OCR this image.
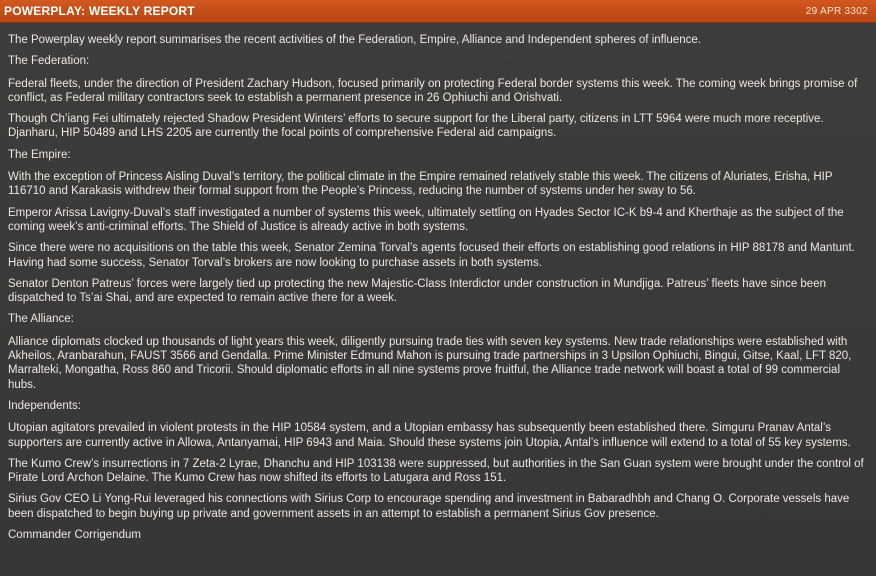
POWERPLAY: WEEKLY REPORT	29 APR 3302

The Powerplay weekly report summarises the recent activities of the Federation, Empire, Alliance and Independent spheres of influence.

The Federation:

Federal fleets, under the direction of President Zachary Hudson, focused primarily on protecting Federal border systems this week. The coming week brings promise of conflict, as Federal military contractors seek to establish a permanent presence in 26 Ophiuchi and Orishvati.

Though Ch’iang Fei ultimately rejected Shadow President Winters’ efforts to secure support for the Liberal party, citizens in LTT 5964 were much more receptive. Djanharu, HIP 50489 and LHS 2205 are currently the focal points of comprehensive Federal aid campaigns.

The Empire:

With the exception of Princess Aisling Duval’s territory, the political climate in the Empire remained relatively stable this week. The citizens of Aluriates, Erisha, HIP 116710 and Karakasis withdrew their formal support from the People’s Princess, reducing the number of systems under her sway to 56.

Emperor Arissa Lavigny-Duval’s staff investigated a number of systems this week, ultimately settling on Hyades Sector IC-K b9-4 and Kherthaje as the subject of the coming week’s anti-criminal efforts. The Shield of Justice is already active in both systems.

Since there were no acquisitions on the table this week, Senator Zemina Torval’s agents focused their efforts on establishing good relations in HIP 88178 and Mantunt. Having had some success, Senator Torval’s brokers are now looking to purchase assets in both systems.

Senator Denton Patreus’ forces were largely tied up protecting the new Majestic-Class Interdictor under construction in Mundjiga. Patreus’ fleets have since been dispatched to Ts’ai Shai, and are expected to remain active there for a week.

The Alliance:

Alliance diplomats clocked up thousands of light years this week, diligently pursuing trade ties with seven key systems. New trade relationships were established with Akheilos, Aranbarahun, FAUST 3566 and Gendalla. Prime Minister Edmund Mahon is pursuing trade partnerships in 3 Upsilon Ophiuchi, Bingui, Gitse, Kaal, LFT 820, Marralteki, Mongatha, Ross 860 and Tricorii. Should diplomatic efforts in all nine systems prove fruitful, the Alliance trade network will boast a total of 99 commercial hubs.

Independents:

Utopian agitators prevailed in violent protests in the HIP 10584 system, and a Utopian embassy has subsequently been established there. Simguru Pranav Antal’s supporters are currently active in Allowa, Antanyamai, HIP 6943 and Maia. Should these systems join Utopia, Antal’s influence will extend to a total of 55 key systems.

The Kumo Crew’s insurrections in 7 Zeta-2 Lyrae, Dhanchu and HIP 103138 were suppressed, but authorities in the San Guan system were brought under the control of Pirate Lord Archon Delaine. The Kumo Crew has now shifted its efforts to Latugara and Ross 151.

Sirius Gov CEO Li Yong-Rui leveraged his connections with Sirius Corp to encourage spending and investment in Babaradhbh and Chang O. Corporate vessels have been dispatched to begin buying up private and government assets in an attempt to establish a permanent Sirius Gov presence.

Commander Corrigendum
